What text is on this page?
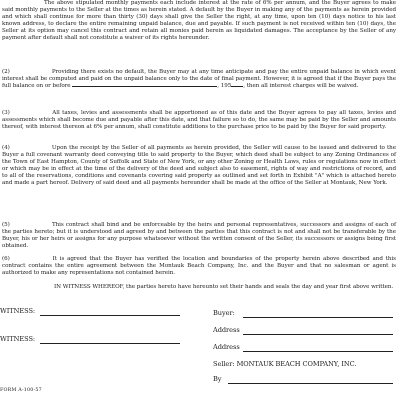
The above stipulated monthly payments each include interest at the rate of 6% per annum, and the Buyer agrees to make said monthly payments to the Seller at the times as herein stated. A default by the Buyer in making any of the payments as herein provided and which shall continue for more than thirty (30) days shall give the Seller the right, at any time, upon ten (10) days notice to his last known address, to declare the entire remaining unpaid balance, due and payable. If such payment is not received within ten (10) days, the Seller at its option may cancel this contract and retain all monies paid herein as liquidated damages. The acceptance by the Seller of any payment after default shall not constitute a waiver of its rights hereunder.
(2)	Providing there exists no default, the Buyer may at any time anticipate and pay the entire unpaid balance in which event interest shall be computed and paid on the unpaid balance only to the date of final payment. However, it is agreed that if the Buyer pays the full balance on or before	, 195 , then all interest charges will be waived.
(3)	All taxes, levies and assessments shall be apportioned as of this date and the Buyer agrees to pay all taxes, levies and assessments which shall become due and payable after this date, and that failure so to do, the same may be paid by the Seller and amounts thereof, with interest thereon at 6% per annum, shall constitute additions to the purchase price to be paid by the Buyer for said property.
(4)	Upon the receipt by the Seller of all payments as herein provided, the Seller will cause to be issued and delivered to the Buyer a full covenant warranty deed conveying title to said property to the Buyer, which deed shall be subject to any Zoning Ordinances of the Town of East Hampton, County of Suffolk and State of New York, or any other Zoning or Health Laws, rules or regulations now in effect or which may be in effect at the time of the delivery of the deed and subject also to easement, rights of way and restrictions of record, and to all of the reservations, conditions and covenants covering said property as outlined and set forth in Exhibit "A" which is attached hereto and made a part hereof. Delivery of said deed and all payments hereunder shall be made at the office of the Seller at Montauk, New York.
(5)	This contract shall bind and be enforceable by the heirs and personal representatives, successors and assigns of each of the parties hereto; but it is understood and agreed by and between the parties that this contract is not and shall not be transferable by the Buyer, his or her heirs or assigns for any purpose whatsoever without the written consent of the Seller, its successors or assigns being first obtained.
(6)	It is agreed that the Buyer has verified the location and boundaries of the property herein above described and this contract contains the entire agreement between the Montauk Beach Company, Inc. and the Buyer and that no salesman or agent is authorized to make any representations not contained herein.
IN WITNESS WHEREOF, the parties hereto have hereunto set their hands and seals the day and year first above written.
WITNESS:	Buyer:
Address
WITNESS:
Address
Seller: MONTAUK BEACH COMPANY, INC.
By
FORM A-100-57
